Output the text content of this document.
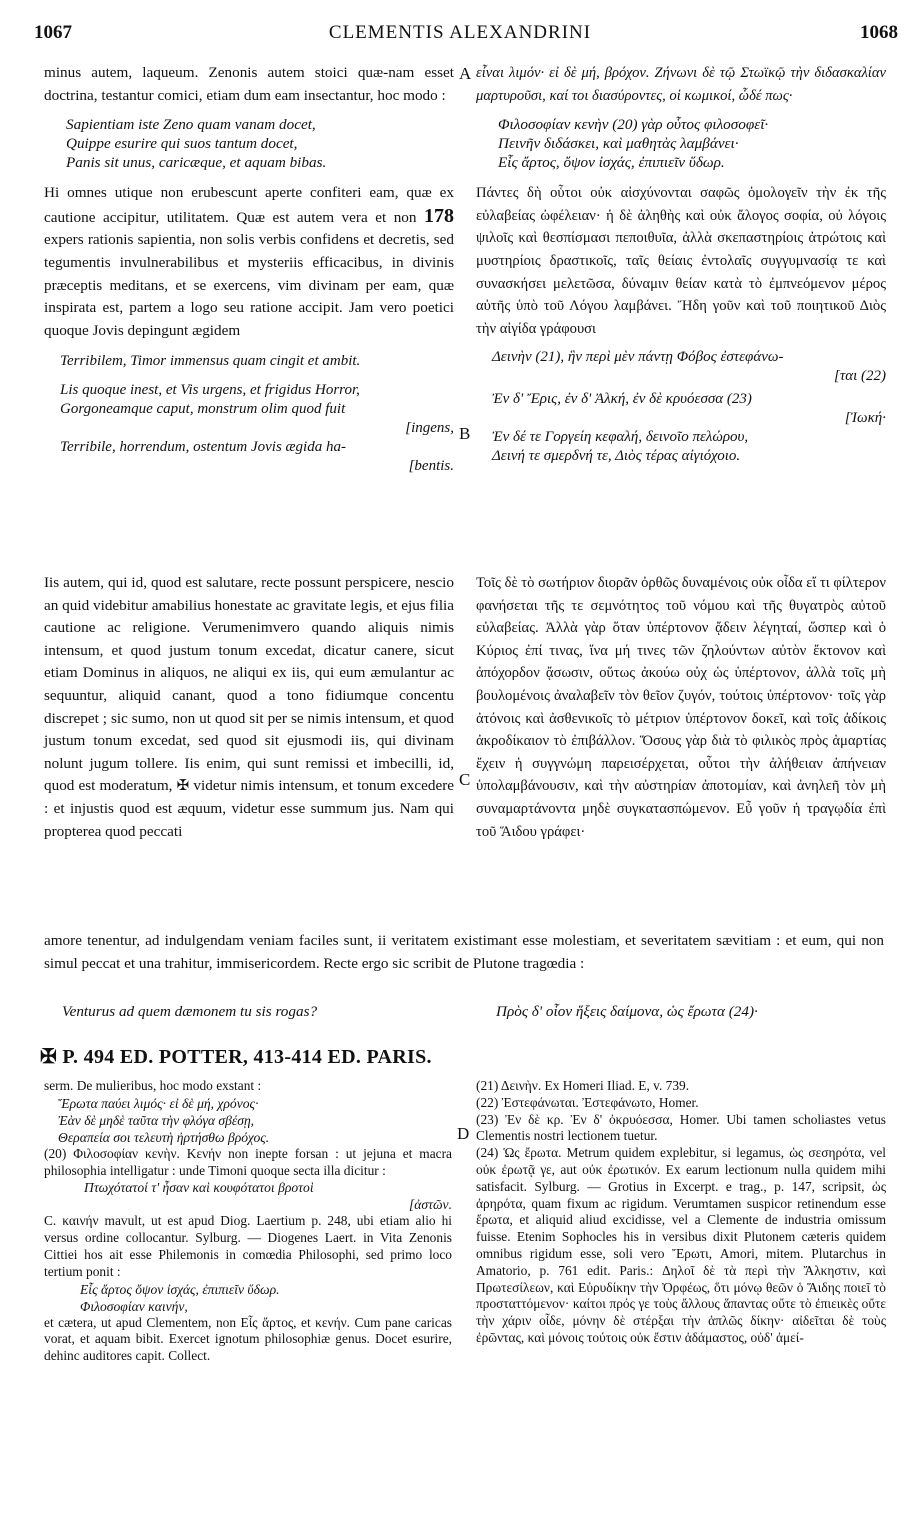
1067	CLEMENTIS ALEXANDRINI	1068

minus autem, laqueum. Zenonis autem stoici quæ-nam esset doctrina, testantur comici, etiam dum eam insectantur, hoc modo :

Sapientiam iste Zeno quam vanam docet,

Quippe esurire qui suos tantum docet,

Panis sit unus, caricæque, et aquam bibas.

Hi omnes utique non erubescunt aperte confiteri eam, quæ ex cautione accipitur, utilitatem. Quæ est autem vera et non 178 expers rationis sapientia, non solis verbis confidens et decretis, sed tegumentis invulnerabilibus et mysteriis efficacibus, in divinis præceptis meditans, et se exercens, vim divinam per eam, quæ inspirata est, partem a logo seu ratione accipit. Jam vero poetici quoque Jovis depingunt ægidem

Terribilem, Timor immensus quam cingit et ambit.

Lis quoque inest, et Vis urgens, et frigidus Horror,

Gorgoneamque caput, monstrum olim quod fuit

[ingens,

Terribile, horrendum, ostentum Jovis ægida ha-

[bentis.

Iis autem, qui id, quod est salutare, recte possunt perspicere, nescio an quid videbitur amabilius honestate ac gravitate legis, et ejus filia cautione ac religione. Verumenimvero quando aliquis nimis intensum, et quod justum tonum excedat, dicatur canere, sicut etiam Dominus in aliquos, ne aliqui ex iis, qui eum æmulantur ac sequuntur, aliquid canant, quod a tono fidiumque concentu discrepet ; sic sumo, non ut quod sit per se nimis intensum, et quod justum tonum excedat, sed quod sit ejusmodi iis, qui divinam nolunt jugum tollere. Iis enim, qui sunt remissi et imbecilli, id, quod est moderatum, ✠ videtur nimis intensum, et tonum excedere : et injustis quod est æquum, videtur esse summum jus. Nam qui propterea quod peccati

εἶναι λιμόν· εἰ δὲ μή, βρόχον. Ζήνωνι δὲ τῷ Στωϊκῷ τὴν διδασκαλίαν μαρτυροῦσι, καί τοι διασύροντες, οἱ κωμικοί, ὧδέ πως·

Φιλοσοφίαν κενὴν (20) γὰρ οὗτος φιλοσοφεῖ·

Πεινῆν διδάσκει, καὶ μαθητὰς λαμβάνει·

Εἷς ἄρτος, ὄψον ἰσχάς, ἐπιπιεῖν ὕδωρ.

Πάντες δὴ οὗτοι οὐκ αἰσχύνονται σαφῶς ὁμολογεῖν τὴν ἐκ τῆς εὐλαβείας ὠφέλειαν· ἡ δὲ ἀληθὴς καὶ οὐκ ἄλογος σοφία, οὐ λόγοις ψιλοῖς καὶ θεσπίσμασι πεποιθυῖα, ἀλλὰ σκεπαστηρίοις ἀτρώτοις καὶ μυστηρίοις δραστικοῖς, ταῖς θείαις ἐντολαῖς συγγυμνασίᾳ τε καὶ συνασκήσει μελετῶσα, δύναμιν θείαν κατὰ τὸ ἐμπνεόμενον μέρος αὐτῆς ὑπὸ τοῦ Λόγου λαμβάνει. Ἤδη γοῦν καὶ τοῦ ποιητικοῦ Διὸς τὴν αἰγίδα γράφουσι

Δεινὴν (21), ἣν περὶ μὲν πάντῃ Φόβος ἐστεφάνω-

[ται (22)

Ἐν δ' Ἔρις, ἐν δ' Ἀλκή, ἐν δὲ κρυόεσσα (23)

[Ἰωκή·

Ἐν δέ τε Γοργείη κεφαλή, δεινοῖο πελώρου,

Δεινή τε σμερδνή τε, Διὸς τέρας αἰγιόχοιο.

Τοῖς δὲ τὸ σωτήριον διορᾶν ὀρθῶς δυναμένοις οὐκ οἶδα εἴ τι φίλτερον φανήσεται τῆς τε σεμνότητος τοῦ νόμου καὶ τῆς θυγατρὸς αὐτοῦ εὐλαβείας. Ἀλλὰ γὰρ ὅταν ὑπέρτονον ᾄδειν λέγηταί, ὥσπερ καὶ ὁ Κύριος ἐπί τινας, ἵνα μή τινες τῶν ζηλούντων αὐτὸν ἔκτονον καὶ ἀπόχορδον ᾄσωσιν, οὕτως ἀκούω οὐχ ὡς ὑπέρτονον, ἀλλὰ τοῖς μὴ βουλομένοις ἀναλαβεῖν τὸν θεῖον ζυγόν, τούτοις ὑπέρτονον· τοῖς γὰρ ἀτόνοις καὶ ἀσθενικοῖς τὸ μέτριον ὑπέρτονον δοκεῖ, καὶ τοῖς ἀδίκοις ἀκροδίκαιον τὸ ἐπιβάλλον. Ὅσους γὰρ διὰ τὸ φιλικὸς πρὸς ἁμαρτίας ἔχειν ἡ συγγνώμη παρεισέρχεται, οὗτοι τὴν ἀλήθειαν ἀπήνειαν ὑπολαμβάνουσιν, καὶ τὴν αὐστηρίαν ἀποτομίαν, καὶ ἀνηλεῆ τὸν μὴ συναμαρτάνοντα μηδὲ συγκατασπώμενον. Εὖ γοῦν ἡ τραγῳδία ἐπὶ τοῦ Ἅιδου γράφει·

A
B
C
D

amore tenentur, ad indulgendam veniam faciles sunt, ii veritatem existimant esse molestiam, et severitatem sævitiam : et eum, qui non simul peccat et una trahitur, immisericordem. Recte ergo sic scribit de Plutone tragœdia :

Venturus ad quem dæmonem tu sis rogas?	Πρὸς δ' οἷον ἥξεις δαίμονα, ὡς ἔρωτα (24)·
✠ P. 494 ED. POTTER, 413-414 ED. PARIS.

serm. De mulieribus, hoc modo exstant :

Ἔρωτα παύει λιμός· εἰ δὲ μή, χρόνος·

Ἐὰν δὲ μηδὲ ταῦτα τὴν φλόγα σβέσῃ,

Θεραπεία σοι τελευτὴ ἠρτήσθω βρόχος.

(20) Φιλοσοφίαν κενὴν. Κενήν non inepte forsan : ut jejuna et macra philosophia intelligatur : unde Timoni quoque secta illa dicitur :

Πτωχότατοί τ' ἦσαν καὶ κουφότατοι βροτοὶ

[ἀστῶν.

C. καινήν mavult, ut est apud Diog. Laertium p. 248, ubi etiam alio hi versus ordine collocantur. Sylburg. — Diogenes Laert. in Vita Zenonis Cittiei hos ait esse Philemonis in comœdia Philosophi, sed primo loco tertium ponit :

Εἷς ἄρτος ὄψον ἰσχάς, ἐπιπιεῖν ὕδωρ.

Φιλοσοφίαν καινήν,

et cætera, ut apud Clementem, non Εἷς ἄρτος, et κενήν. Cum pane caricas vorat, et aquam bibit. Exercet ignotum philosophiæ genus. Docet esurire, dehinc auditores capit. Collect.

(21) Δεινὴν. Ex Homeri Iliad. E, v. 739.

(22) Ἐστεφάνωται. Ἐστεφάνωτο, Homer.

(23) Ἐν δὲ κρ. Ἐν δ' ὀκρυόεσσα, Homer. Ubi tamen scholiastes vetus Clementis nostri lectionem tuetur.

(24) Ὡς ἔρωτα. Metrum quidem explebitur, si legamus, ὡς σεσηρότα, vel οὐκ ἐρωτᾷ γε, aut οὐκ ἐρωτικόν. Ex earum lectionum nulla quidem mihi satisfacit. Sylburg. — Grotius in Excerpt. e trag., p. 147, scripsit, ὡς ἀρηρότα, quam fixum ac rigidum. Verumtamen suspicor retinendum esse ἔρωτα, et aliquid aliud excidisse, vel a Clemente de industria omissum fuisse. Etenim Sophocles his in versibus dixit Plutonem cæteris quidem omnibus rigidum esse, soli vero Ἔρωτι, Amori, mitem. Plutarchus in Amatorio, p. 761 edit. Paris.: Δηλοῖ δὲ τὰ περὶ τὴν Ἄλκηστιν, καὶ Πρωτεσίλεων, καὶ Εὐρυδίκην τὴν Ὀρφέως, ὅτι μόνῳ θεῶν ὁ Ἅιδης ποιεῖ τὸ προσταττόμενον· καίτοι πρός γε τοὺς ἄλλους ἅπαντας οὔτε τὸ ἐπιεικὲς οὔτε τὴν χάριν οἶδε, μόνην δὲ στέρξαι τὴν ἁπλῶς δίκην· αἰδεῖται δὲ τοὺς ἐρῶντας, καὶ μόνοις τούτοις οὐκ ἔστιν ἀδάμαστος, οὐδ' ἀμεί-
